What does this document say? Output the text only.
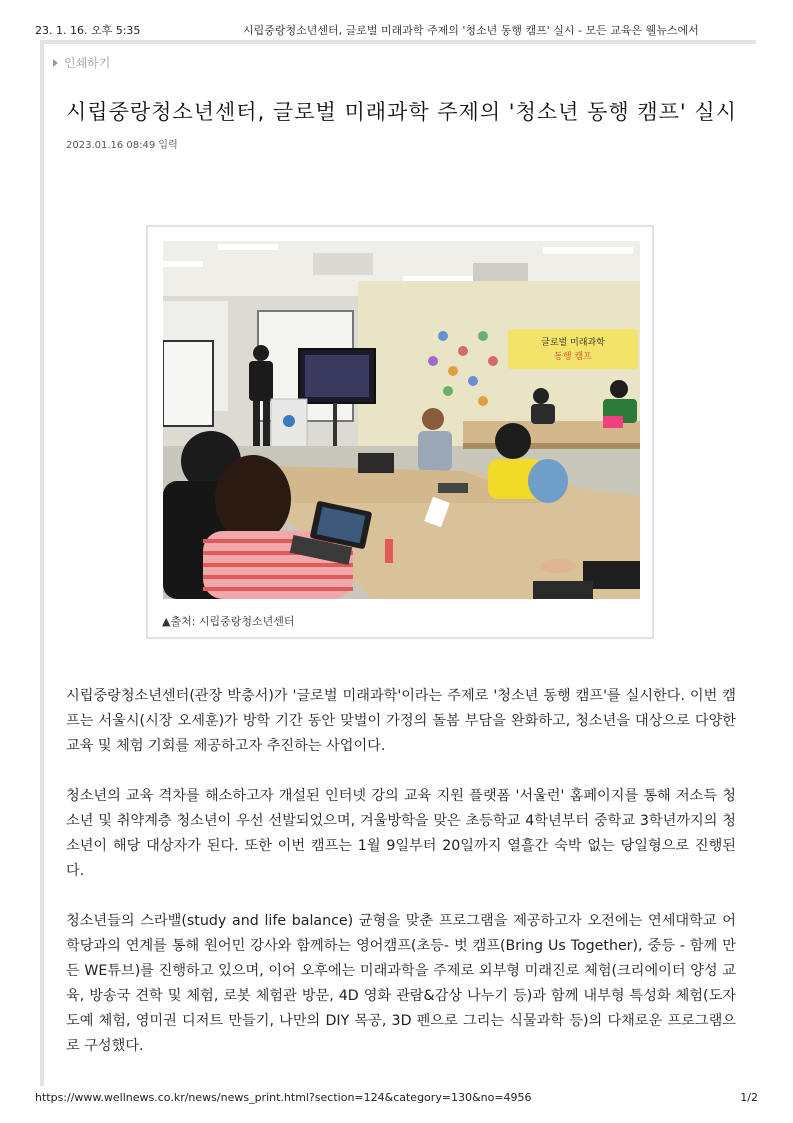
23. 1. 16. 오후 5:35	시립중랑청소년센터, 글로벌 미래과학 주제의 '청소년 동행 캠프' 실시 - 모든 교육은 웰뉴스에서
인쇄하기
시립중랑청소년센터, 글로벌 미래과학 주제의 '청소년 동행 캠프' 실시
2023.01.16 08:49 입력
글로벌 미래과학
동행 캠프
▲출처: 시립중랑청소년센터

시립중랑청소년센터(관장 박충서)가 '글로벌 미래과학'이라는 주제로 '청소년 동행 캠프'를 실시한다. 이번 캠프는 서울시(시장 오세훈)가 방학 기간 동안 맞벌이 가정의 돌봄 부담을 완화하고, 청소년을 대상으로 다양한 교육 및 체험 기회를 제공하고자 추진하는 사업이다.

청소년의 교육 격차를 해소하고자 개설된 인터넷 강의 교육 지원 플랫폼 '서울런' 홈페이지를 통해 저소득 청소년 및 취약계층 청소년이 우선 선발되었으며, 겨울방학을 맞은 초등학교 4학년부터 중학교 3학년까지의 청소년이 해당 대상자가 된다. 또한 이번 캠프는 1월 9일부터 20일까지 열흘간 숙박 없는 당일형으로 진행된다.

청소년들의 스라밸(study and life balance) 균형을 맞춘 프로그램을 제공하고자 오전에는 연세대학교 어학당과의 연계를 통해 원어민 강사와 함께하는 영어캠프(초등- 벗 캠프(Bring Us Together), 중등 - 함께 만든 WE튜브)를 진행하고 있으며, 이어 오후에는 미래과학을 주제로 외부형 미래진로 체험(크리에이터 양성 교육, 방송국 견학 및 체험, 로봇 체험관 방문, 4D 영화 관람&감상 나누기 등)과 함께 내부형 특성화 체험(도자도예 체험, 영미권 디저트 만들기, 나만의 DIY 목공, 3D 펜으로 그리는 식물과학 등)의 다채로운 프로그램으로 구성했다.

https://www.wellnews.co.kr/news/news_print.html?section=124&category=130&no=4956	1/2
